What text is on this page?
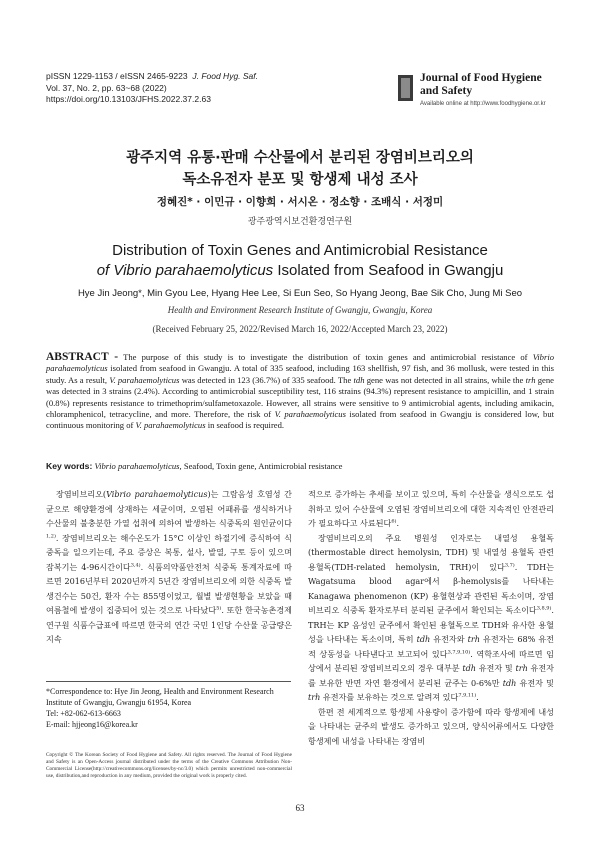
pISSN 1229-1153 / eISSN 2465-9223 J. Food Hyg. Saf.
Vol. 37, No. 2, pp. 63~68 (2022)
https://doi.org/10.13103/JFHS.2022.37.2.63
Journal of Food Hygiene
and Safety
Available online at http://www.foodhygiene.or.kr
광주지역 유통·판매 수산물에서 분리된 장염비브리오의
독소유전자 분포 및 항생제 내성 조사
정혜진* · 이민규 · 이향희 · 서시온 · 정소향 · 조배식 · 서정미
광주광역시보건환경연구원
Distribution of Toxin Genes and Antimicrobial Resistance
of Vibrio parahaemolyticus Isolated from Seafood in Gwangju
Hye Jin Jeong*, Min Gyou Lee, Hyang Hee Lee, Si Eun Seo, So Hyang Jeong, Bae Sik Cho, Jung Mi Seo
Health and Environment Research Institute of Gwangju, Gwangju, Korea
(Received February 25, 2022/Revised March 16, 2022/Accepted March 23, 2022)
ABSTRACT - The purpose of this study is to investigate the distribution of toxin genes and antimicrobial resistance of Vibrio parahaemolyticus isolated from seafood in Gwangju. A total of 335 seafood, including 163 shellfish, 97 fish, and 36 mollusk, were tested in this study. As a result, V. parahaemolyticus was detected in 123 (36.7%) of 335 seafood. The tdh gene was not detected in all strains, while the trh gene was detected in 3 strains (2.4%). According to antimicrobial susceptibility test, 116 strains (94.3%) represent resistance to ampicillin, and 1 strain (0.8%) represents resistance to trimethoprim/sulfametoxazole. However, all strains were sensitive to 9 antimicrobial agents, including amikacin, chloramphenicol, tetracycline, and more. Therefore, the risk of V. parahaemolyticus isolated from seafood in Gwangju is considered low, but continuous monitoring of V. parahaemolyticus in seafood is required.
Key words: Vibrio parahaemolyticus, Seafood, Toxin gene, Antimicrobial resistance

장염비브리오(Vibrio parahaemolyticus)는 그람음성 호염성 간균으로 해양환경에 상재하는 세균이며, 오염된 어패류를 생식하거나 수산물의 불충분한 가열 섭취에 의하여 발생하는 식중독의 원인균이다$^{1,2)}$. 장염비브리오는 해수온도가 15°C 이상인 하절기에 증식하여 식중독을 일으키는데, 주요 증상은 복통, 설사, 발열, 구토 등이 있으며 잠복기는 4-96시간이다$^{3,4)}$. 식품의약품안전처 식중독 통계자료에 따르면 2016년부터 2020년까지 5년간 장염비브리오에 의한 식중독 발생건수는 50건, 환자 수는 855명이었고, 월별 발생현황을 보았을 때 여름철에 발생이 집중되어 있는 것으로 나타났다$^{5)}$. 또한 한국농촌경제연구원 식품수급표에 따르면 한국의 연간 국민 1인당 수산물 공급량은 지속

적으로 증가하는 추세를 보이고 있으며, 특히 수산물을 생식으로도 섭취하고 있어 수산물에 오염된 장염비브리오에 대한 지속적인 안전관리가 필요하다고 사료된다$^{6)}$.

장염비브리오의 주요 병원성 인자로는 내열성 용혈독(thermostable direct hemolysin, TDH) 및 내열성 용혈독 관련 용혈독(TDH-related hemolysin, TRH)이 있다$^{3,7)}$. TDH는 Wagatsuma blood agar에서 β-hemolysis를 나타내는 Kanagawa phenomenon (KP) 용혈현상과 관련된 독소이며, 장염비브리오 식중독 환자로부터 분리된 균주에서 확인되는 독소이다$^{3,8,9)}$. TRH는 KP 음성인 균주에서 확인된 용혈독으로 TDH와 유사한 용혈성을 나타내는 독소이며, 특히 tdh 유전자와 trh 유전자는 68% 유전적 상동성을 나타낸다고 보고되어 있다$^{3,7,9,10)}$. 역학조사에 따르면 임상에서 분리된 장염비브리오의 경우 대부분 tdh 유전자 및 trh 유전자를 보유한 반면 자연 환경에서 분리된 균주는 0-6%만 tdh 유전자 및 trh 유전자를 보유하는 것으로 알려져 있다$^{7,9,11)}$.

한편 전 세계적으로 항생제 사용량이 증가함에 따라 항생제에 내성을 나타내는 균주의 발생도 증가하고 있으며, 양식어류에서도 다양한 항생제에 내성을 나타내는 장염비

*Correspondence to: Hye Jin Jeong, Health and Environment Research Institute of Gwangju, Gwangju 61954, Korea
Tel: +82-062-613-6663
E-mail: hjjeong16@korea.kr
Copyright © The Korean Society of Food Hygiene and Safety. All rights reserved. The Journal of Food Hygiene and Safety is an Open-Access journal distributed under the terms of the Creative Commons Attribution Non-Commercial License(http://creativecommons.org/licenses/by-nc/3.0) which permits unrestricted non-commercial use, distribution,and reproduction in any medium, provided the original work is properly cited.
63
